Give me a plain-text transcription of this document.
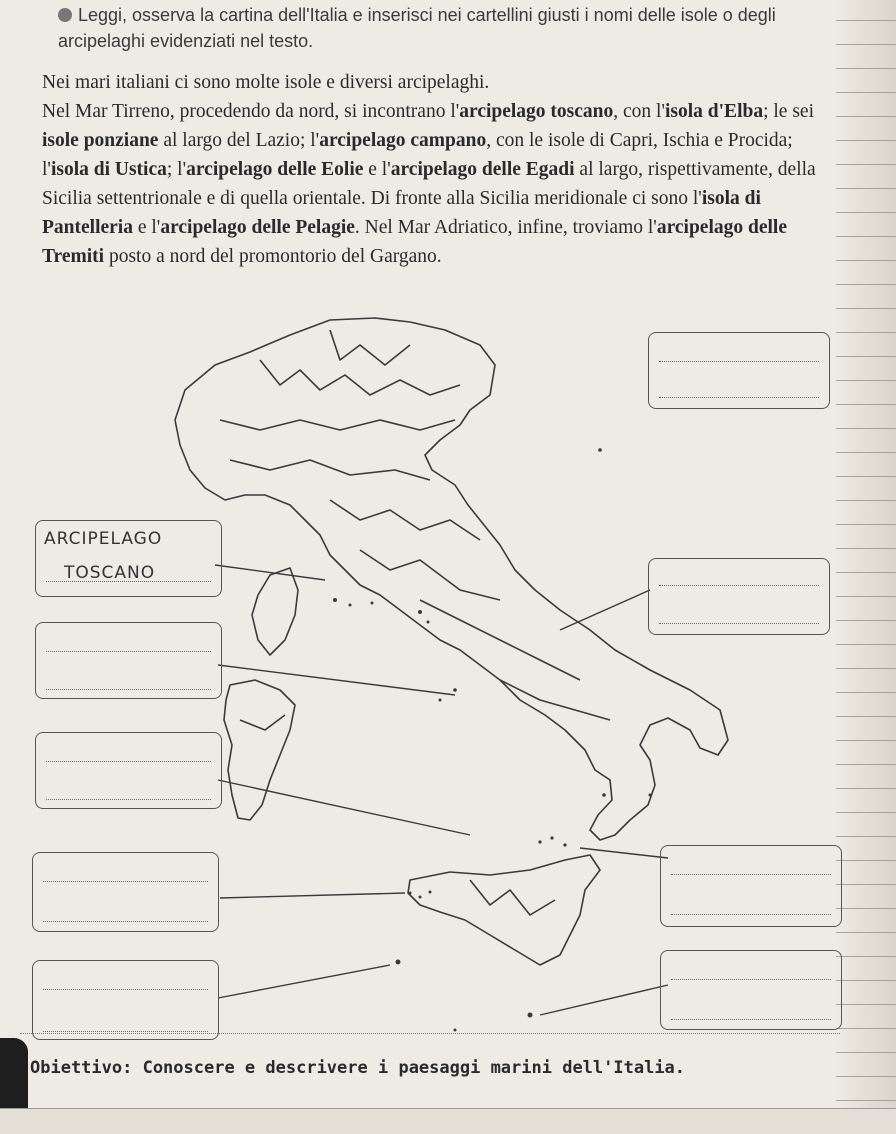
Leggi, osserva la cartina dell'Italia e inserisci nei cartellini giusti i nomi delle isole o degli arcipelaghi evidenziati nel testo.

Nei mari italiani ci sono molte isole e diversi arcipelaghi.

Nel Mar Tirreno, procedendo da nord, si incontrano l'arcipelago toscano, con l'isola d'Elba; le sei isole ponziane al largo del Lazio; l'arcipelago campano, con le isole di Capri, Ischia e Procida; l'isola di Ustica; l'arcipelago delle Eolie e l'arcipelago delle Egadi al largo, rispettivamente, della Sicilia settentrionale e di quella orientale. Di fronte alla Sicilia meridionale ci sono l'isola di Pantelleria e l'arcipelago delle Pelagie. Nel Mar Adriatico, infine, troviamo l'arcipelago delle Tremiti posto a nord del promontorio del Gargano.

ARCIPELAGO
TOSCANO
Obiettivo: Conoscere e descrivere i paesaggi marini dell'Italia.
